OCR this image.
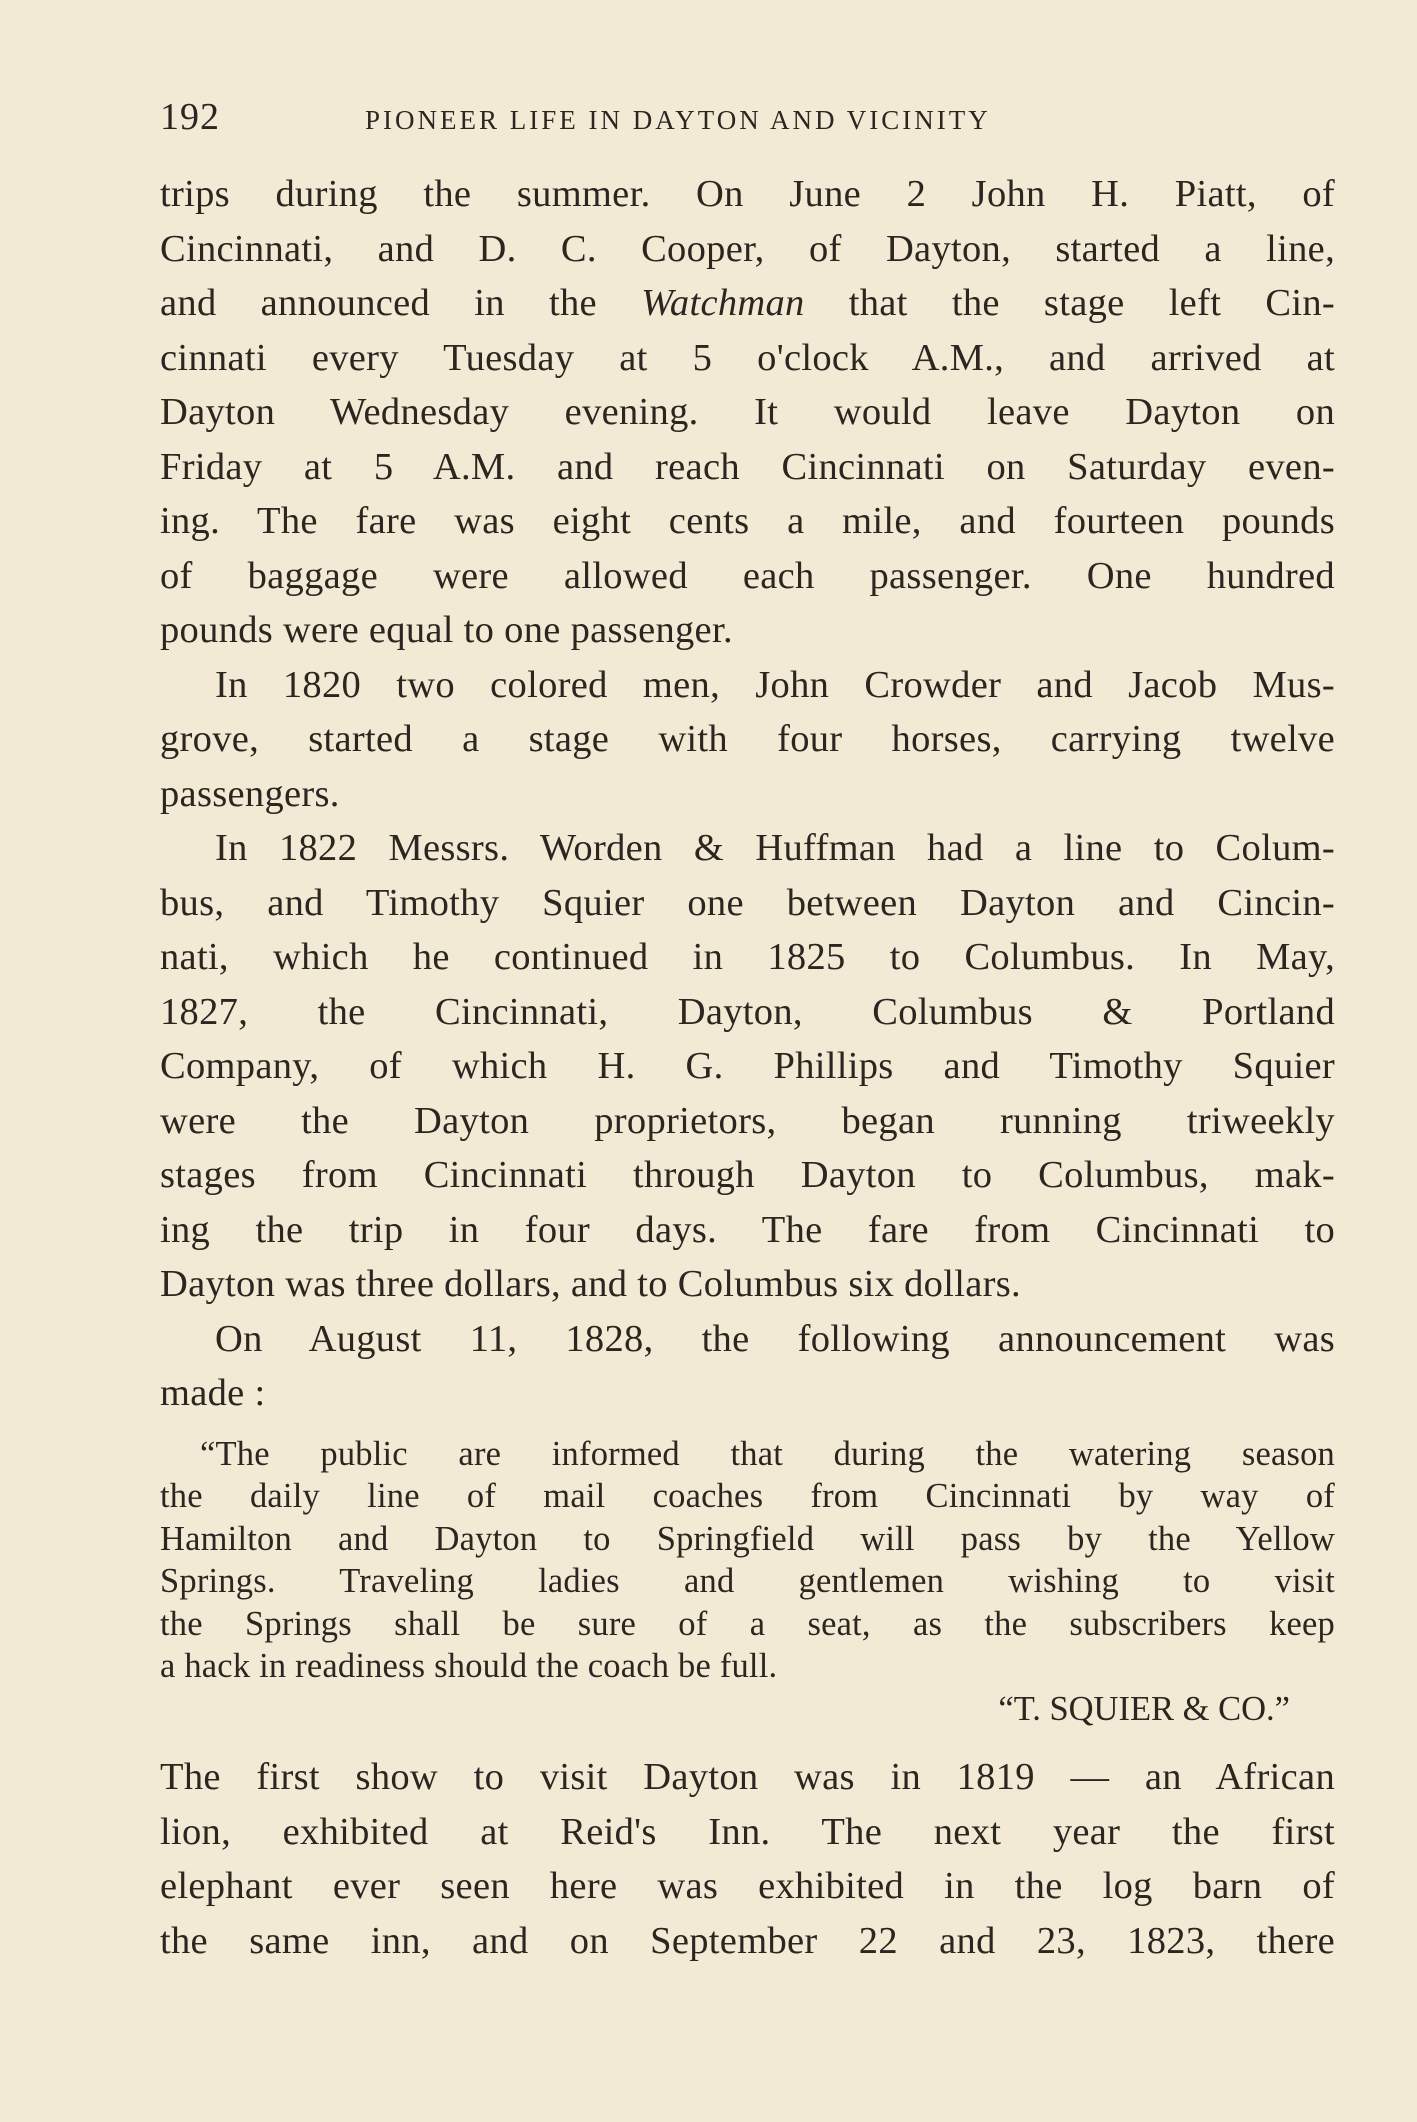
192	PIONEER LIFE IN DAYTON AND VICINITY
trips during the summer. On June 2 John H. Piatt, of
Cincinnati, and D. C. Cooper, of Dayton, started a line,
and announced in the Watchman that the stage left Cin-
cinnati every Tuesday at 5 o'clock A.M., and arrived at
Dayton Wednesday evening. It would leave Dayton on
Friday at 5 A.M. and reach Cincinnati on Saturday even-
ing. The fare was eight cents a mile, and fourteen pounds
of baggage were allowed each passenger. One hundred
pounds were equal to one passenger.
In 1820 two colored men, John Crowder and Jacob Mus-
grove, started a stage with four horses, carrying twelve
passengers.
In 1822 Messrs. Worden & Huffman had a line to Colum-
bus, and Timothy Squier one between Dayton and Cincin-
nati, which he continued in 1825 to Columbus. In May,
1827, the Cincinnati, Dayton, Columbus & Portland
Company, of which H. G. Phillips and Timothy Squier
were the Dayton proprietors, began running triweekly
stages from Cincinnati through Dayton to Columbus, mak-
ing the trip in four days. The fare from Cincinnati to
Dayton was three dollars, and to Columbus six dollars.
On August 11, 1828, the following announcement was
made :
“The public are informed that during the watering season
the daily line of mail coaches from Cincinnati by way of
Hamilton and Dayton to Springfield will pass by the Yellow
Springs. Traveling ladies and gentlemen wishing to visit
the Springs shall be sure of a seat, as the subscribers keep
a hack in readiness should the coach be full.
“T. SQUIER & CO.”
The first show to visit Dayton was in 1819 — an African
lion, exhibited at Reid's Inn. The next year the first
elephant ever seen here was exhibited in the log barn of
the same inn, and on September 22 and 23, 1823, there
